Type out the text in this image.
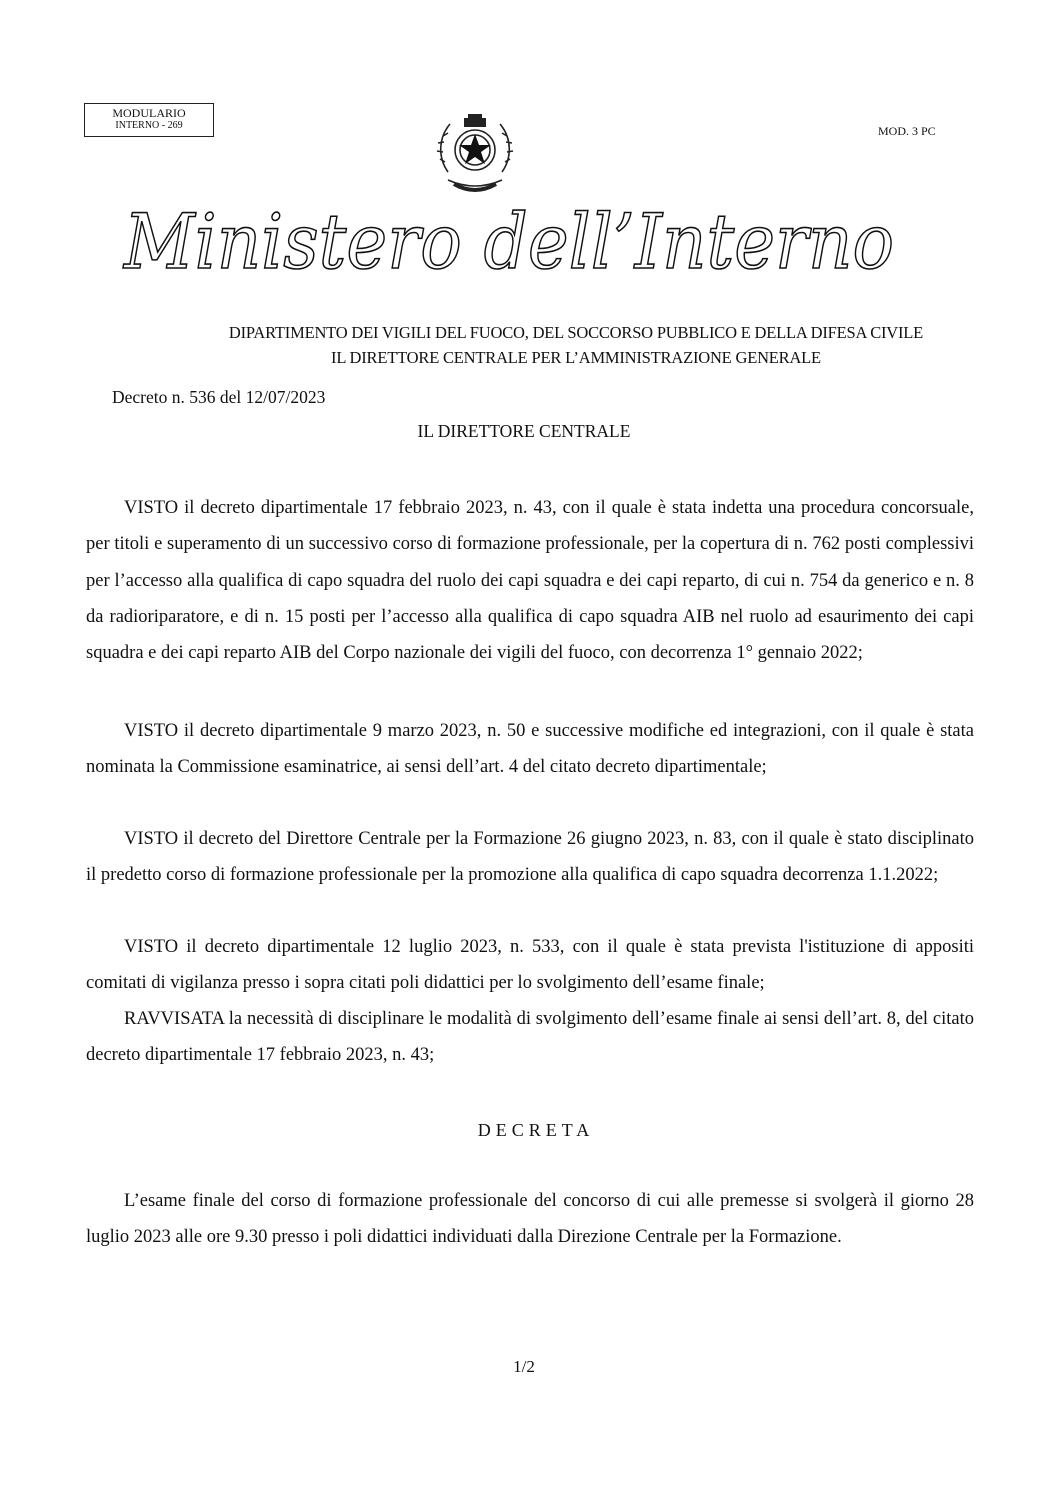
MODULARIO
INTERNO - 269	MOD. 3 PC
Ministero dell’Interno
DIPARTIMENTO DEI VIGILI DEL FUOCO, DEL SOCCORSO PUBBLICO E DELLA DIFESA CIVILE
IL DIRETTORE CENTRALE PER L’AMMINISTRAZIONE GENERALE
Decreto n. 536 del 12/07/2023
IL DIRETTORE CENTRALE

VISTO il decreto dipartimentale 17 febbraio 2023, n. 43, con il quale è stata indetta una procedura concorsuale, per titoli e superamento di un successivo corso di formazione professionale, per la copertura di n. 762 posti complessivi per l’accesso alla qualifica di capo squadra del ruolo dei capi squadra e dei capi reparto, di cui n. 754 da generico e n. 8 da radioriparatore, e di n. 15 posti per l’accesso alla qualifica di capo squadra AIB nel ruolo ad esaurimento dei capi squadra e dei capi reparto AIB del Corpo nazionale dei vigili del fuoco, con decorrenza 1° gennaio 2022;

VISTO il decreto dipartimentale 9 marzo 2023, n. 50 e successive modifiche ed integrazioni, con il quale è stata nominata la Commissione esaminatrice, ai sensi dell’art. 4 del citato decreto dipartimentale;

VISTO il decreto del Direttore Centrale per la Formazione 26 giugno 2023, n. 83, con il quale è stato disciplinato il predetto corso di formazione professionale per la promozione alla qualifica di capo squadra decorrenza 1.1.2022;

VISTO il decreto dipartimentale 12 luglio 2023, n. 533, con il quale è stata prevista l'istituzione di appositi comitati di vigilanza presso i sopra citati poli didattici per lo svolgimento dell’esame finale;

RAVVISATA la necessità di disciplinare le modalità di svolgimento dell’esame finale ai sensi dell’art. 8, del citato decreto dipartimentale 17 febbraio 2023, n. 43;

DECRETA

L’esame finale del corso di formazione professionale del concorso di cui alle premesse si svolgerà il giorno 28 luglio 2023 alle ore 9.30 presso i poli didattici individuati dalla Direzione Centrale per la Formazione.

1/2
